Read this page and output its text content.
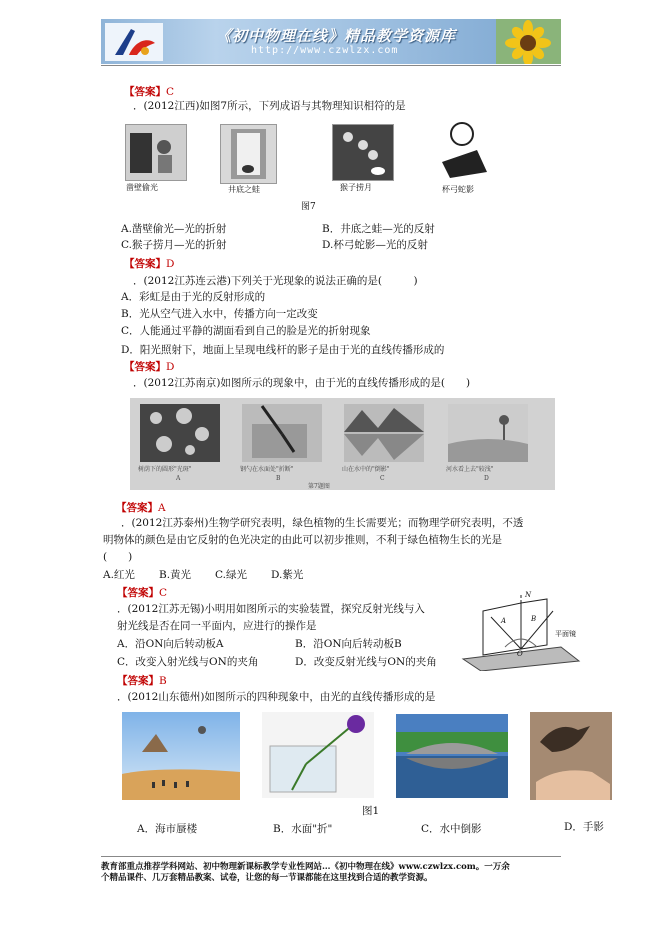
《初中物理在线》精品教学资源库
http://www.czwlzx.com
【答案】C
．(2012江西)如图7所示，下列成语与其物理知识相符的是
凿壁偷光	井底之蛙	猴子捞月	杯弓蛇影
图7
A.凿壁偷光—光的折射	B．井底之蛙—光的反射
C.猴子捞月—光的折射	D.杯弓蛇影—光的反射
【答案】D
．(2012江苏连云港)下列关于光现象的说法正确的是(　　　)
A．彩虹是由于光的反射形成的
B．光从空气进入水中，传播方向一定改变
C．人能通过平静的湖面看到自己的脸是光的折射现象
D．阳光照射下，地面上呈现电线杆的影子是由于光的直线传播形成的
【答案】D
．(2012江苏南京)如图所示的现象中，由于光的直线传播形成的是(　　)
树荫下的圆形"光斑"	钢勺在水面处"折断"	山在水中的"倒影"	河水看上去"较浅"
A	B	C	D
第7题图
【答案】A
．(2012江苏泰州)生物学研究表明，绿色植物的生长需要光；而物理学研究表明，不透
明物体的颜色是由它反射的色光决定的由此可以初步推则，不利于绿色植物生长的光是
(　　)
A.红光 B.黄光 C.绿光 D.紫光
【答案】C
．(2012江苏无锡)小明用如图所示的实验装置，探究反射光线与入
射光线是否在同一平面内，应进行的操作是
A．沿ON向后转动板A	B．沿ON向后转动板B
C．改变入射光线与ON的夹角	D．改变反射光线与ON的夹角
N
A	B
O
平面镜
【答案】B
．(2012山东德州)如图所示的四种现象中，由光的直线传播形成的是
图1
A．海市蜃楼	B．水面"折"	C．水中倒影	D．手影
教育部重点推荐学科网站、初中物理新课标教学专业性网站…《初中物理在线》www.czwlzx.com。一万余
个精品课件、几万套精品教案、试卷，让您的每一节课都能在这里找到合适的教学资源。
